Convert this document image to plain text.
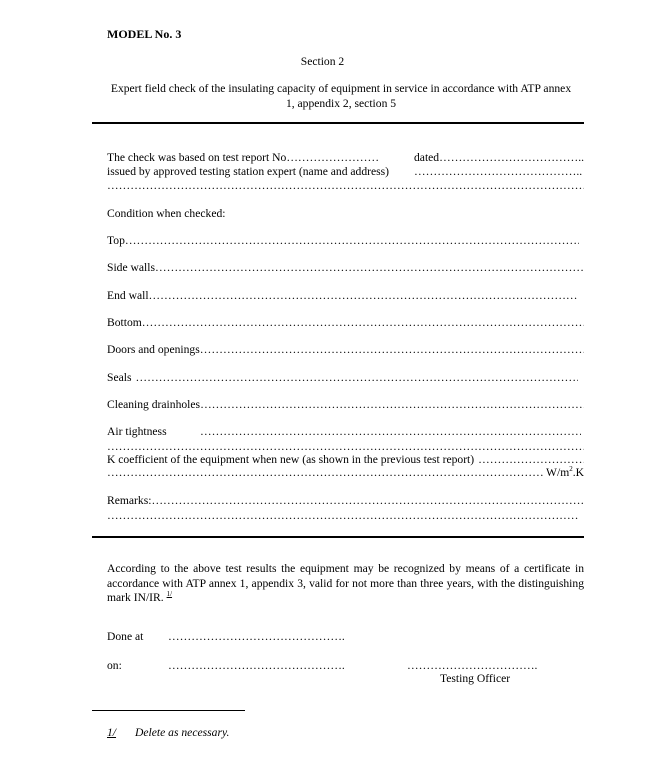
MODEL No. 3
Section 2
Expert field check of the insulating capacity of equipment in service in accordance with ATP annex 1, appendix 2, section 5
The check was based on test report No……………………	dated………………………………..
issued by approved testing station expert (name and address) ……………………………………..
…………………………………………………………………………………………………………………………………………
Condition when checked:
Top
…………………………………………………………………………………………………………………………………………
Side walls
…………………………………………………………………………………………………………………………………………
End wall
…………………………………………………………………………………………………………………………………………
Bottom
…………………………………………………………………………………………………………………………………………
Doors and openings
…………………………………………………………………………………………………………………………………………
Seals
…………………………………………………………………………………………………………………………………………
Cleaning drainholes
…………………………………………………………………………………………………………………………………………
Air tightness
…………………………………………………………………………………………………………………………………………
…………………………………………………………………………………………………………………………………………
K coefficient of the equipment when new (as shown in the previous test report)
…………………………………………………………………………………………………………………………………………
…………………………………………………………………………………………………………………………………………
$W/m^2.K$
Remarks:
…………………………………………………………………………………………………………………………………………
…………………………………………………………………………………………………………………………………………
According to the above test results the equipment may be recognized by means of a certificate in accordance with ATP annex 1, appendix 3, valid for not more than three years, with the distinguishing mark IN/IR. $^{1/}$
Done at ……………………………………….
on:	……………………………………….	…………………………….
Testing Officer
1/ Delete as necessary.
